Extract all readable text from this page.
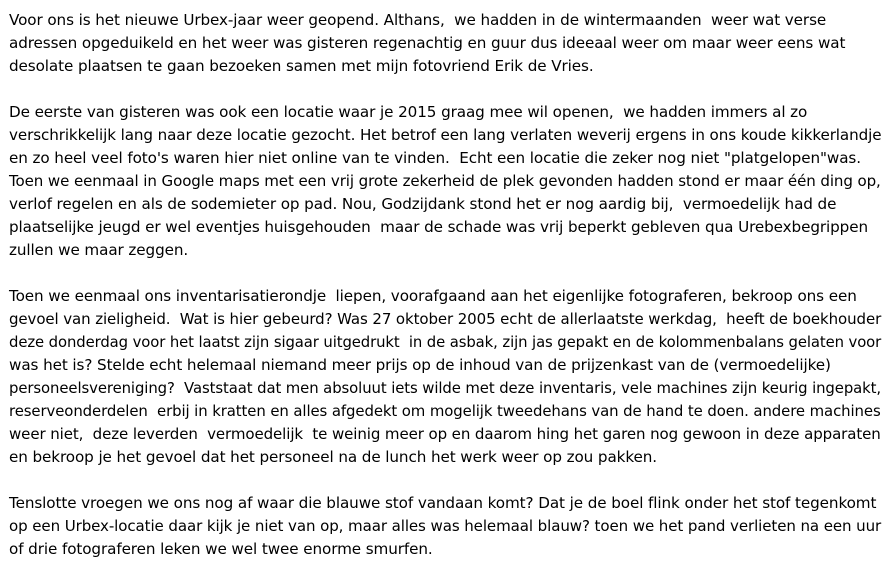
Voor ons is het nieuwe Urbex-jaar weer geopend. Althans,  we hadden in de wintermaanden  weer wat verse
adressen opgeduikeld en het weer was gisteren regenachtig en guur dus ideeaal weer om maar weer eens wat
desolate plaatsen te gaan bezoeken samen met mijn fotovriend Erik de Vries.
De eerste van gisteren was ook een locatie waar je 2015 graag mee wil openen,  we hadden immers al zo
verschrikkelijk lang naar deze locatie gezocht. Het betrof een lang verlaten weverij ergens in ons koude kikkerlandje
en zo heel veel foto's waren hier niet online van te vinden.  Echt een locatie die zeker nog niet "platgelopen"was.
Toen we eenmaal in Google maps met een vrij grote zekerheid de plek gevonden hadden stond er maar één ding op,
verlof regelen en als de sodemieter op pad. Nou, Godzijdank stond het er nog aardig bij,  vermoedelijk had de
plaatselijke jeugd er wel eventjes huisgehouden  maar de schade was vrij beperkt gebleven qua Urebexbegrippen
zullen we maar zeggen.
Toen we eenmaal ons inventarisatierondje  liepen, voorafgaand aan het eigenlijke fotograferen, bekroop ons een
gevoel van zieligheid.  Wat is hier gebeurd? Was 27 oktober 2005 echt de allerlaatste werkdag,  heeft de boekhouder
deze donderdag voor het laatst zijn sigaar uitgedrukt  in de asbak, zijn jas gepakt en de kolommenbalans gelaten voor
was het is? Stelde echt helemaal niemand meer prijs op de inhoud van de prijzenkast van de (vermoedelijke)
personeelsvereniging?  Vaststaat dat men absoluut iets wilde met deze inventaris, vele machines zijn keurig ingepakt,
reserveonderdelen  erbij in kratten en alles afgedekt om mogelijk tweedehans van de hand te doen. andere machines
weer niet,  deze leverden  vermoedelijk  te weinig meer op en daarom hing het garen nog gewoon in deze apparaten
en bekroop je het gevoel dat het personeel na de lunch het werk weer op zou pakken.
Tenslotte vroegen we ons nog af waar die blauwe stof vandaan komt? Dat je de boel flink onder het stof tegenkomt
op een Urbex-locatie daar kijk je niet van op, maar alles was helemaal blauw? toen we het pand verlieten na een uur
of drie fotograferen leken we wel twee enorme smurfen.
